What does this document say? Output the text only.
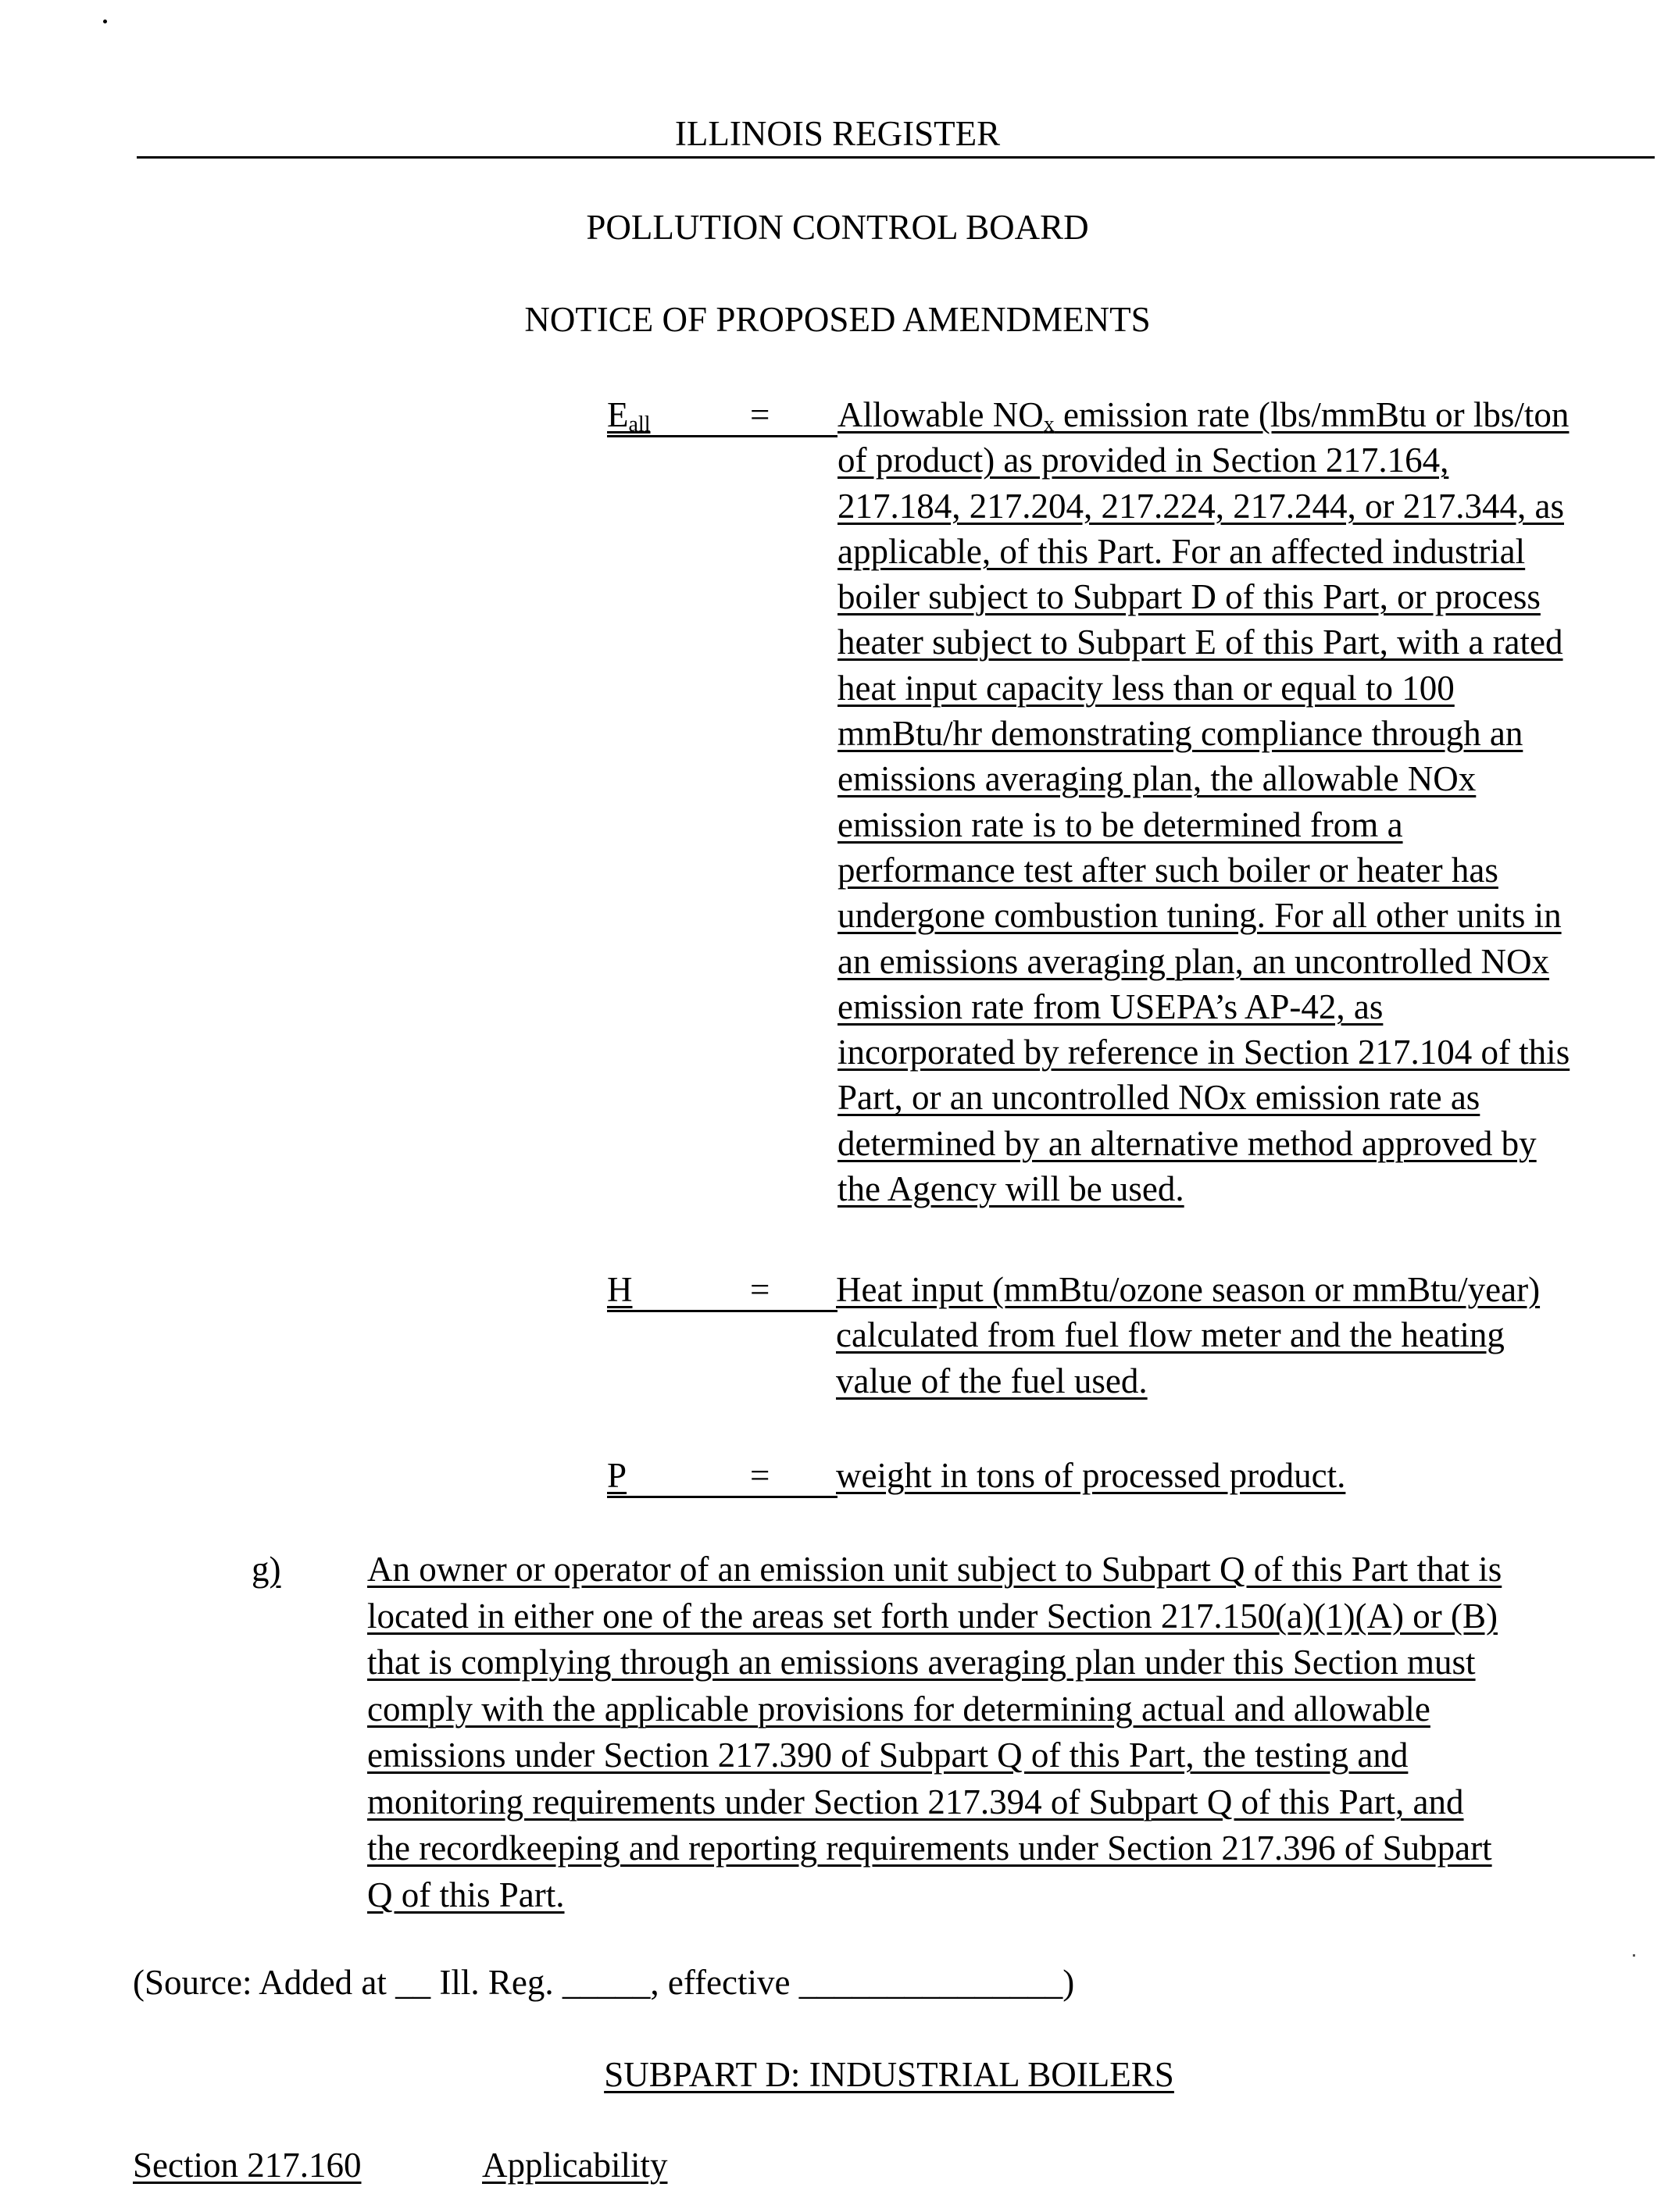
ILLINOIS REGISTER
POLLUTION CONTROL BOARD
NOTICE OF PROPOSED AMENDMENTS
$E_{all}$	= Allowable $NO_x$ emission rate (lbs/mmBtu or lbs/ton
of product) as provided in Section 217.164,
217.184, 217.204, 217.224, 217.244, or 217.344, as
applicable, of this Part. For an affected industrial
boiler subject to Subpart D of this Part, or process
heater subject to Subpart E of this Part, with a rated
heat input capacity less than or equal to 100
mmBtu/hr demonstrating compliance through an
emissions averaging plan, the allowable NOx
emission rate is to be determined from a
performance test after such boiler or heater has
undergone combustion tuning. For all other units in
an emissions averaging plan, an uncontrolled NOx
emission rate from USEPA’s AP-42, as
incorporated by reference in Section 217.104 of this
Part, or an uncontrolled NOx emission rate as
determined by an alternative method approved by
the Agency will be used.
H	= Heat input (mmBtu/ozone season or mmBtu/year)
calculated from fuel flow meter and the heating
value of the fuel used.
P	= weight in tons of processed product.
g) An owner or operator of an emission unit subject to Subpart Q of this Part that is
located in either one of the areas set forth under Section 217.150(a)(1)(A) or (B)
that is complying through an emissions averaging plan under this Section must
comply with the applicable provisions for determining actual and allowable
emissions under Section 217.390 of Subpart Q of this Part, the testing and
monitoring requirements under Section 217.394 of Subpart Q of this Part, and
the recordkeeping and reporting requirements under Section 217.396 of Subpart
Q of this Part.
(Source: Added at __ Ill. Reg. _____, effective _______________)
SUBPART D: INDUSTRIAL BOILERS
Section 217.160	Applicability
